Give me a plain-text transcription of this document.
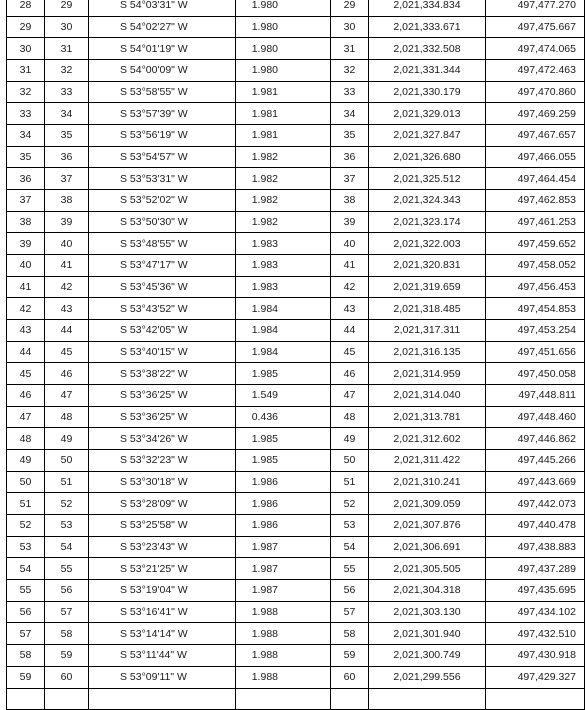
28	29	S 54°03'31" W	1.980	29	2,021,334.834	497,477.270
29	30	S 54°02'27" W	1.980	30	2,021,333.671	497,475.667
30	31	S 54°01'19" W	1.980	31	2,021,332.508	497,474.065
31	32	S 54°00'09" W	1.980	32	2,021,331.344	497,472.463
32	33	S 53°58'55" W	1.981	33	2,021,330.179	497,470.860
33	34	S 53°57'39" W	1.981	34	2,021,329.013	497,469.259
34	35	S 53°56'19" W	1.981	35	2,021,327.847	497,467.657
35	36	S 53°54'57" W	1.982	36	2,021,326.680	497,466.055
36	37	S 53°53'31" W	1.982	37	2,021,325.512	497,464.454
37	38	S 53°52'02" W	1.982	38	2,021,324.343	497,462.853
38	39	S 53°50'30" W	1.982	39	2,021,323.174	497,461.253
39	40	S 53°48'55" W	1.983	40	2,021,322.003	497,459.652
40	41	S 53°47'17" W	1.983	41	2,021,320.831	497,458.052
41	42	S 53°45'36" W	1.983	42	2,021,319.659	497,456.453
42	43	S 53°43'52" W	1.984	43	2,021,318.485	497,454.853
43	44	S 53°42'05" W	1.984	44	2,021,317.311	497,453.254
44	45	S 53°40'15" W	1.984	45	2,021,316.135	497,451.656
45	46	S 53°38'22" W	1.985	46	2,021,314.959	497,450.058
46	47	S 53°36'25" W	1.549	47	2,021,314.040	497,448.811
47	48	S 53°36'25" W	0.436	48	2,021,313.781	497,448.460
48	49	S 53°34'26" W	1.985	49	2,021,312.602	497,446.862
49	50	S 53°32'23" W	1.985	50	2,021,311.422	497,445.266
50	51	S 53°30'18" W	1.986	51	2,021,310.241	497,443.669
51	52	S 53°28'09" W	1.986	52	2,021,309.059	497,442.073
52	53	S 53°25'58" W	1.986	53	2,021,307.876	497,440.478
53	54	S 53°23'43" W	1.987	54	2,021,306.691	497,438.883
54	55	S 53°21'25" W	1.987	55	2,021,305.505	497,437.289
55	56	S 53°19'04" W	1.987	56	2,021,304.318	497,435.695
56	57	S 53°16'41" W	1.988	57	2,021,303.130	497,434.102
57	58	S 53°14'14" W	1.988	58	2,021,301.940	497,432.510
58	59	S 53°11'44" W	1.988	59	2,021,300.749	497,430.918
59	60	S 53°09'11" W	1.988	60	2,021,299.556	497,429.327
